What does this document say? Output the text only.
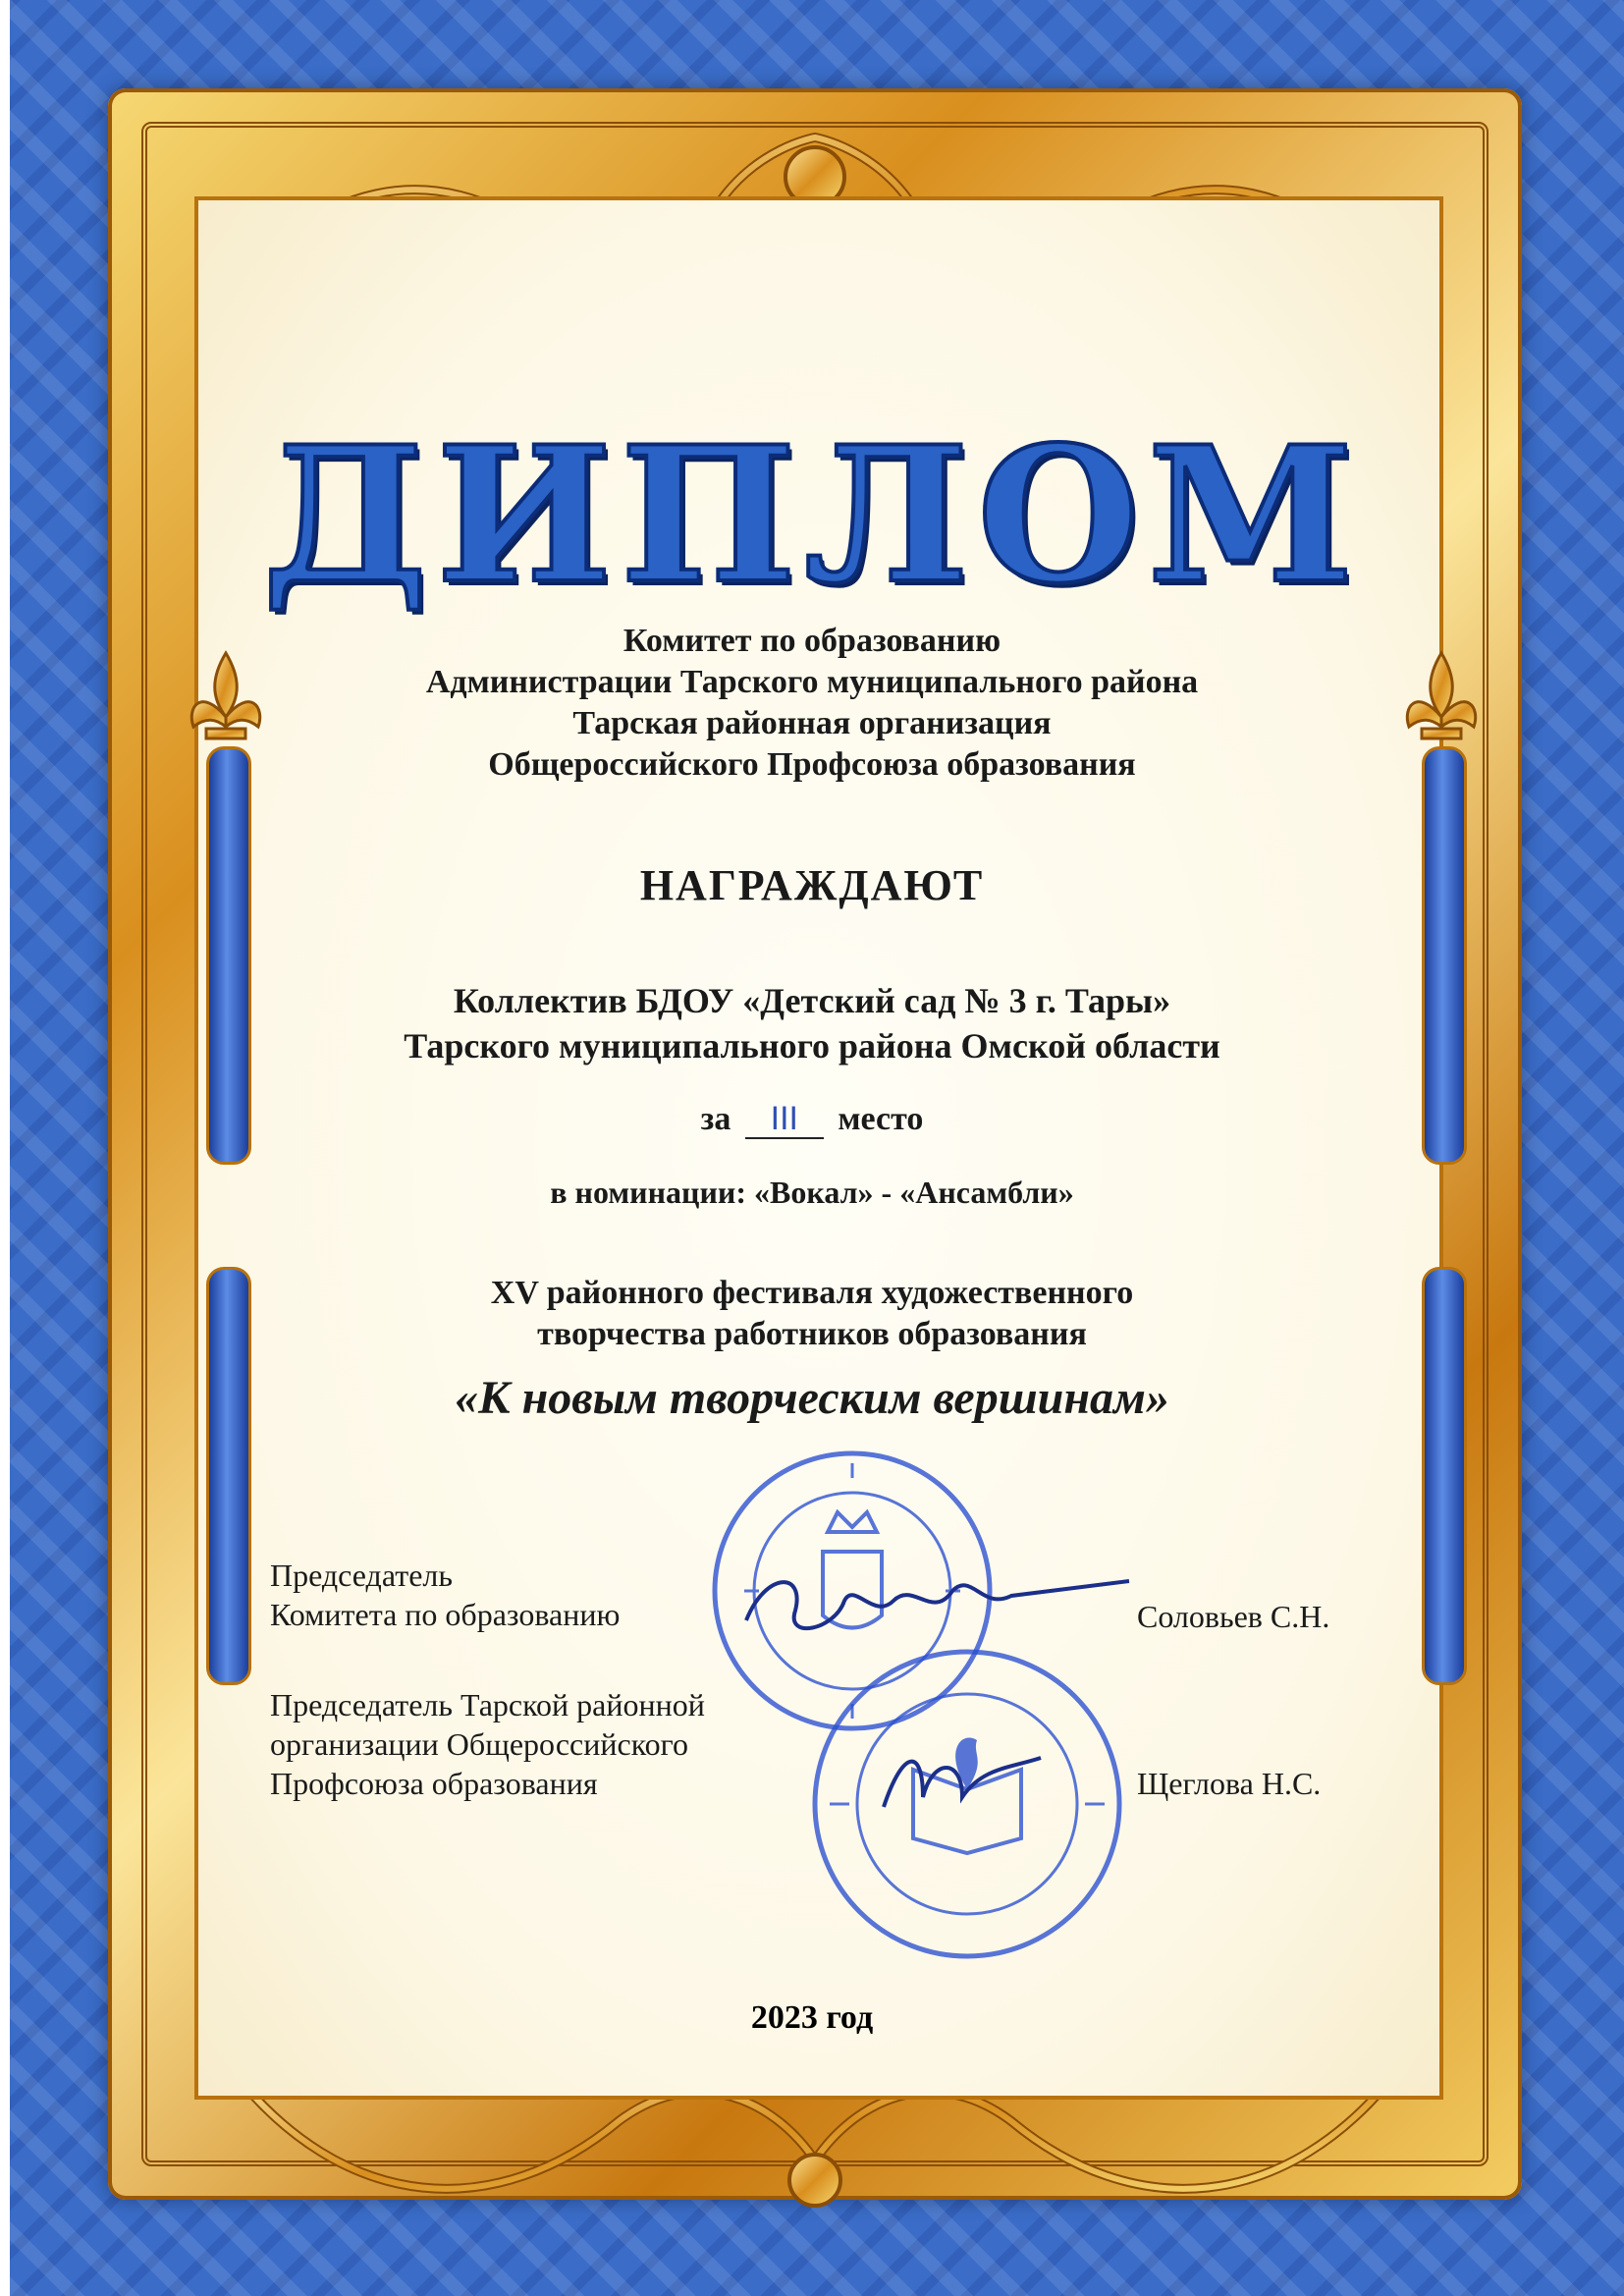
ДИПЛОМ
Комитет по образованию
Администрации Тарского муниципального района
Тарская районная организация
Общероссийского Профсоюза образования
НАГРАЖДАЮТ
Коллектив БДОУ «Детский сад № 3 г. Тары»
Тарского муниципального района Омской области
за III место
в номинации: «Вокал» - «Ансамбли»
XV районного фестиваля художественного
творчества работников образования
«К новым творческим вершинам»
Председатель
Комитета по образованию	Соловьев С.Н.
Председатель Тарской районной
организации Общероссийского
Профсоюза образования	Щеглова Н.С.
2023 год
